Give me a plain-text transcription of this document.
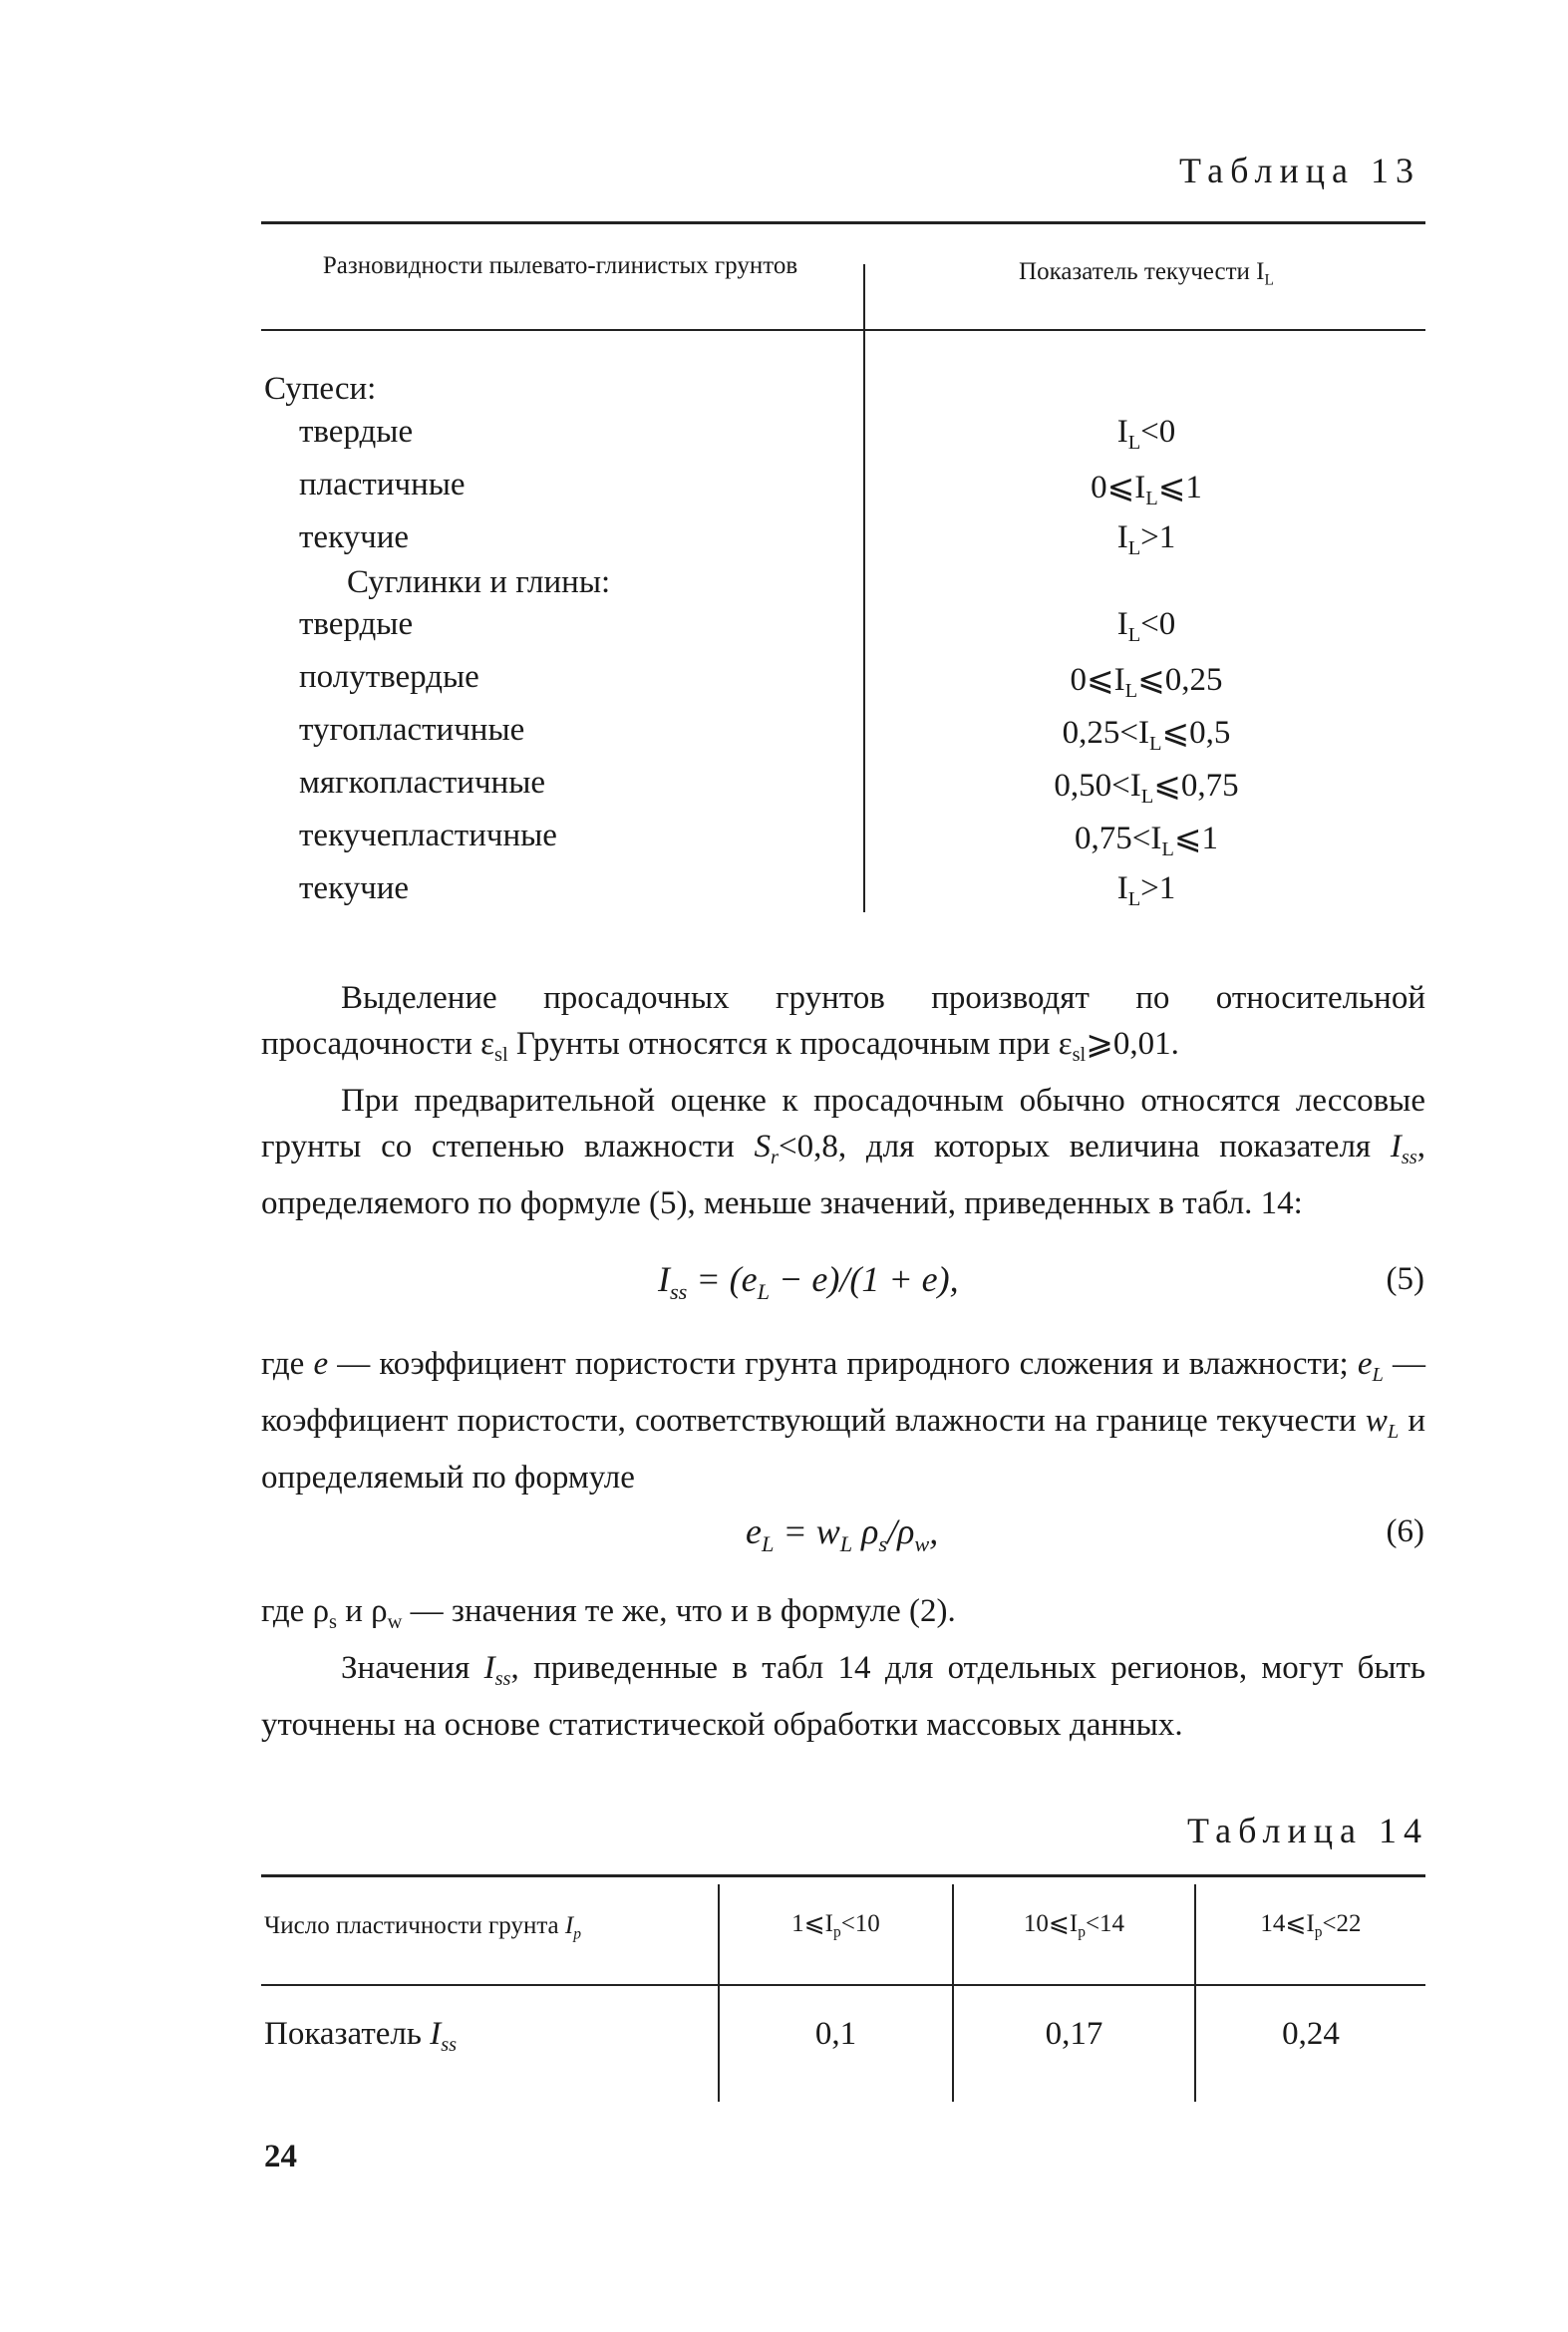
Таблица 13
Разновидности пылевато-глинистых грунтов	Показатель текучести $I_L$
Супеси:
твердые	$I_L<0$
пластичные	$0⩽I_L⩽1$
текучие	$I_L>1$
Суглинки и глины:
твердые	$I_L<0$
полутвердые	$0⩽I_L⩽0,25$
тугопластичные	$0,25<I_L⩽0,5$
мягкопластичные	$0,50<I_L⩽0,75$
текучепластичные	$0,75<I_L⩽1$
текучие	$I_L>1$

Выделение просадочных грунтов производят по относительной просадочности $\varepsilon_{sl}$ Грунты относятся к просадочным при $\varepsilon_{sl}⩾0,01$.

При предварительной оценке к просадочным обычно относятся лессовые грунты со степенью влажности $S_r<0,8$, для которых величина показателя $I_{ss}$, определяемого по формуле (5), меньше значений, приведенных в табл. 14:

$I_{ss} = (e_L - e)/(1 + e)$,	(5)

где e — коэффициент пористости грунта природного сложения и влажности; $e_L$ — коэффициент пористости, соответствующий влажности на границе текучести $w_L$ и определяемый по формуле

$e_L = w_L$ $\rho_s/\rho_w$,	(6)

где $\rho_s$ и $\rho_w$ — значения те же, что и в формуле (2).

Значения $I_{ss}$, приведенные в табл 14 для отдельных регионов, могут быть уточнены на основе статистической обработки массовых данных.

Таблица 14
Число пластичности грунта $I_p$	$1⩽I_p<10$	$10⩽I_p<14$	$14⩽I_p<22$
Показатель $I_{ss}$	0,1	0,17	0,24
24
